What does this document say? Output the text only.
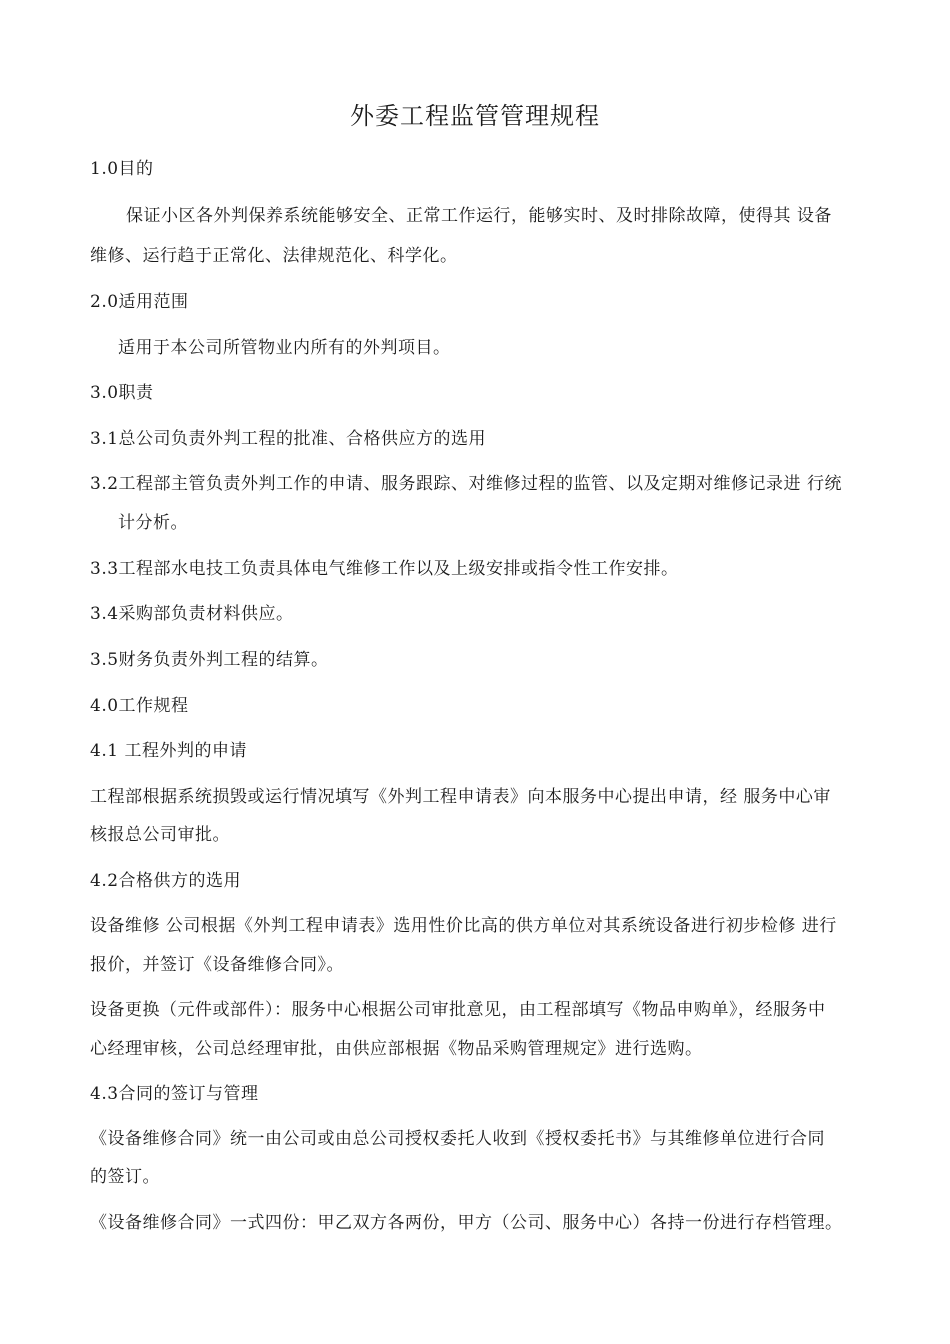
外委工程监管管理规程
1.0目的
保证小区各外判保养系统能够安全、正常工作运行，能够实时、及时排除故障，使得其 设备
维修、运行趋于正常化、法律规范化、科学化。
2.0适用范围
适用于本公司所管物业内所有的外判项目。
3.0职责
3.1总公司负责外判工程的批准、合格供应方的选用
3.2工程部主管负责外判工作的申请、服务跟踪、对维修过程的监管、以及定期对维修记录进 行统
计分析。
3.3工程部水电技工负责具体电气维修工作以及上级安排或指令性工作安排。
3.4采购部负责材料供应。
3.5财务负责外判工程的结算。
4.0工作规程
4.1 工程外判的申请
工程部根据系统损毁或运行情况填写《外判工程申请表》向本服务中心提出申请，经 服务中心审
核报总公司审批。
4.2合格供方的选用
设备维修 公司根据《外判工程申请表》选用性价比高的供方单位对其系统设备进行初步检修 进行
报价，并签订《设备维修合同》。
设备更换（元件或部件）：服务中心根据公司审批意见，由工程部填写《物品申购单》，经服务中
心经理审核，公司总经理审批，由供应部根据《物品采购管理规定》进行选购。
4.3合同的签订与管理
《设备维修合同》统一由公司或由总公司授权委托人收到《授权委托书》与其维修单位进行合同
的签订。
《设备维修合同》一式四份：甲乙双方各两份，甲方（公司、服务中心）各持一份进行存档管理。
